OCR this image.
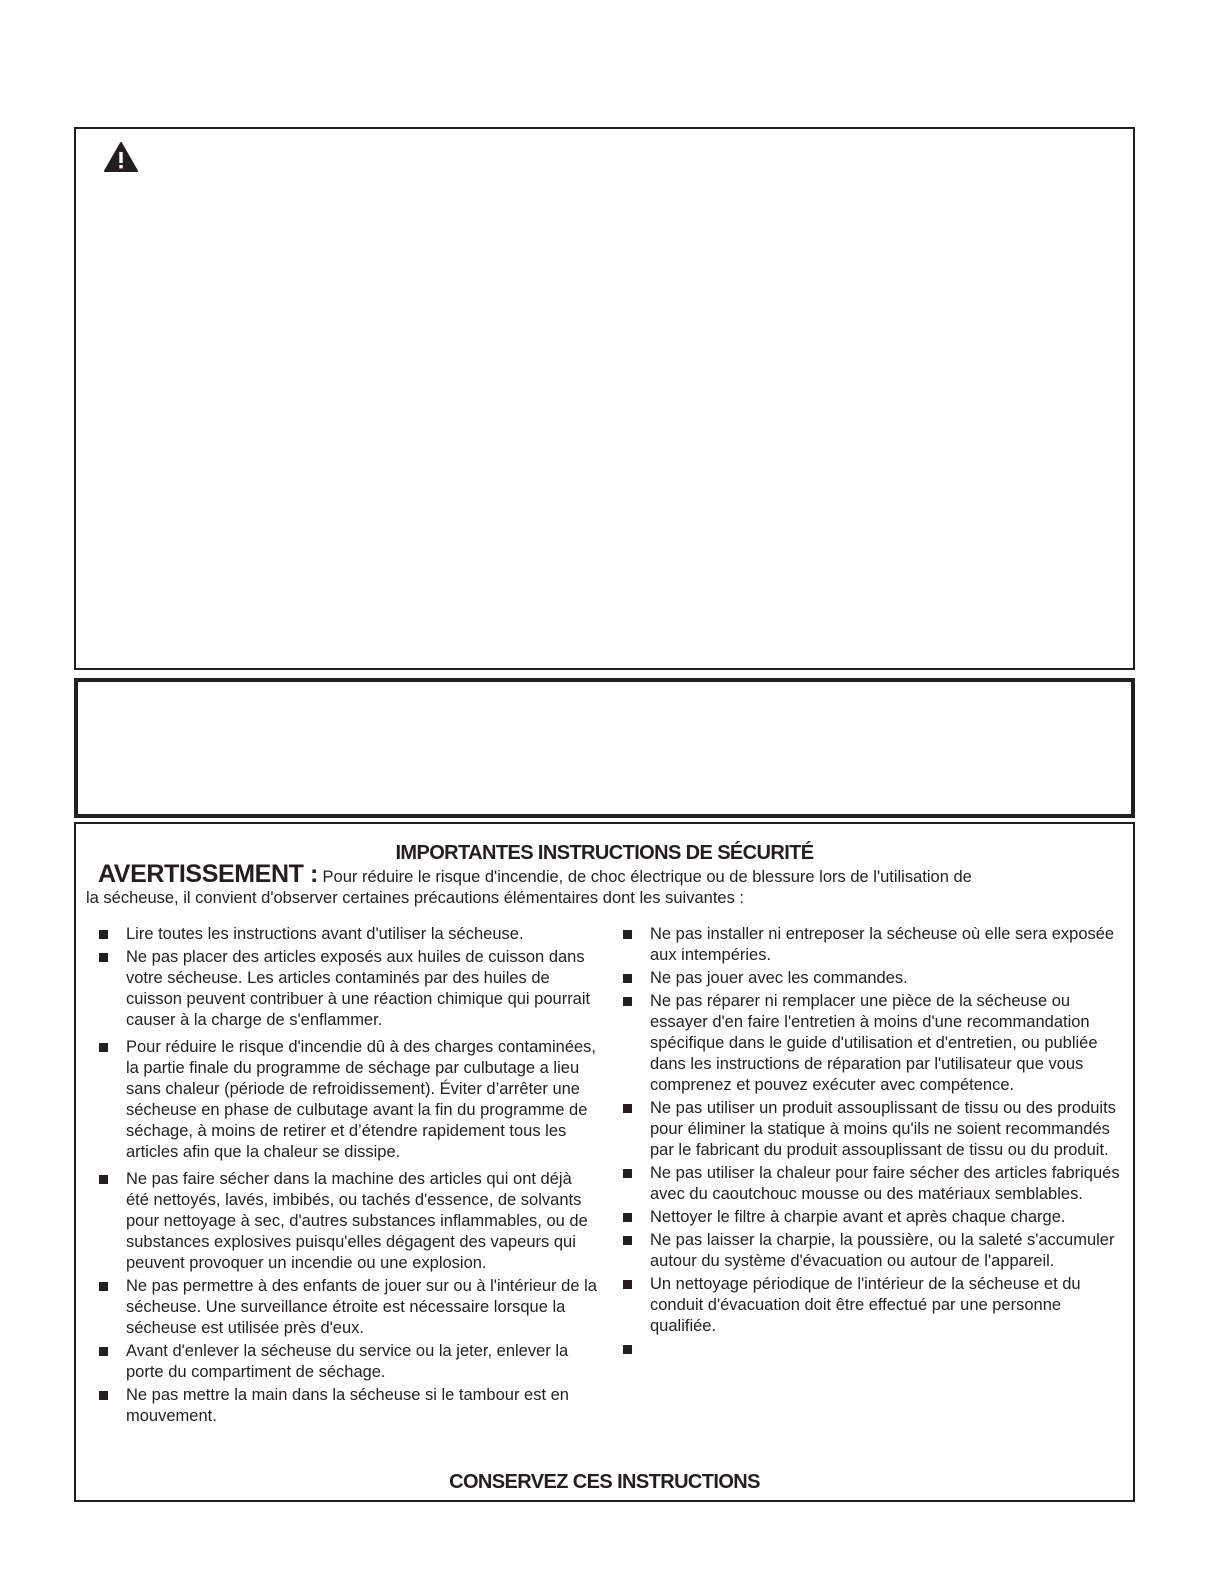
IMPORTANTES INSTRUCTIONS DE SÉCURITÉ
AVERTISSEMENT : Pour réduire le risque d'incendie, de choc électrique ou de blessure lors de l'utilisation de
la sécheuse, il convient d'observer certaines précautions élémentaires dont les suivantes :
Lire toutes les instructions avant d'utiliser la sécheuse.
Ne pas placer des articles exposés aux huiles de cuisson dans votre sécheuse. Les articles contaminés par des huiles de cuisson peuvent contribuer à une réaction chimique qui pourrait causer à la charge de s'enflammer.
Pour réduire le risque d'incendie dû à des charges contaminées, la partie finale du programme de séchage par culbutage a lieu sans chaleur (période de refroidissement). Éviter d’arrêter une sécheuse en phase de culbutage avant la fin du programme de séchage, à moins de retirer et d’étendre rapidement tous les articles afin que la chaleur se dissipe.
Ne pas faire sécher dans la machine des articles qui ont déjà été nettoyés, lavés, imbibés, ou tachés d'essence, de solvants pour nettoyage à sec, d'autres substances inflammables, ou de substances explosives puisqu'elles dégagent des vapeurs qui peuvent provoquer un incendie ou une explosion.
Ne pas permettre à des enfants de jouer sur ou à l'intérieur de la sécheuse. Une surveillance étroite est nécessaire lorsque la sécheuse est utilisée près d'eux.
Avant d'enlever la sécheuse du service ou la jeter, enlever la porte du compartiment de séchage.
Ne pas mettre la main dans la sécheuse si le tambour est en mouvement.
Ne pas installer ni entreposer la sécheuse où elle sera exposée aux intempéries.
Ne pas jouer avec les commandes.
Ne pas réparer ni remplacer une pièce de la sécheuse ou essayer d'en faire l'entretien à moins d'une recommandation spécifique dans le guide d'utilisation et d'entretien, ou publiée dans les instructions de réparation par l'utilisateur que vous comprenez et pouvez exécuter avec compétence.
Ne pas utiliser un produit assouplissant de tissu ou des produits pour éliminer la statique à moins qu'ils ne soient recommandés par le fabricant du produit assouplissant de tissu ou du produit.
Ne pas utiliser la chaleur pour faire sécher des articles fabriqués avec du caoutchouc mousse ou des matériaux semblables.
Nettoyer le filtre à charpie avant et après chaque charge.
Ne pas laisser la charpie, la poussière, ou la saleté s'accumuler autour du système d'évacuation ou autour de l'appareil.
Un nettoyage périodique de l'intérieur de la sécheuse et du conduit d'évacuation doit être effectué par une personne qualifiée.

CONSERVEZ CES INSTRUCTIONS
